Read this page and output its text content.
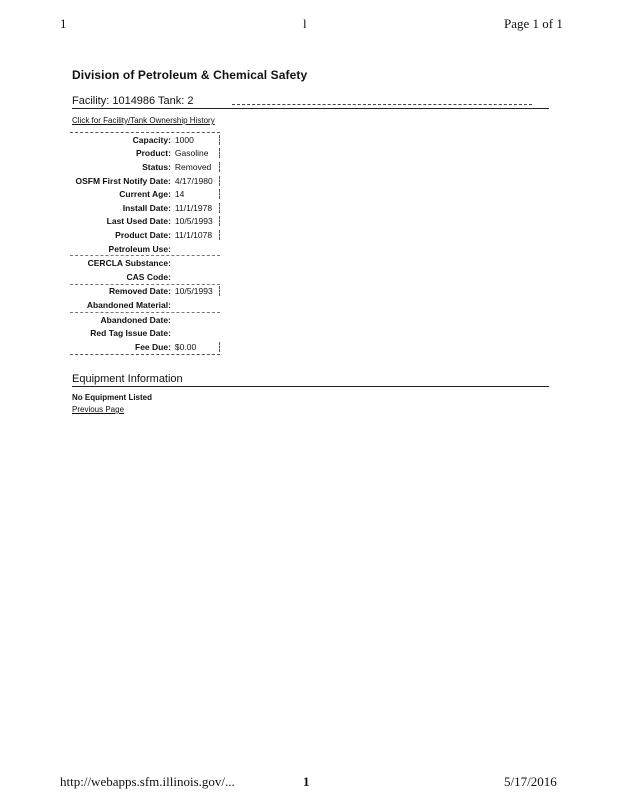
1	l	Page 1 of 1
Division of Petroleum & Chemical Safety
Facility: 1014986 Tank: 2
Click for Facility/Tank Ownership History
Capacity: 1000
Product: Gasoline
Status: Removed
OSFM First Notify Date: 4/17/1980
Current Age: 14
Install Date: 11/1/1978
Last Used Date: 10/5/1993
Product Date: 11/1/1078
Petroleum Use:
CERCLA Substance:
CAS Code:
Removed Date: 10/5/1993
Abandoned Material:
Abandoned Date:
Red Tag Issue Date:
Fee Due: $0.00
Equipment Information
No Equipment Listed
Previous Page
http://webapps.sfm.illinois.gov/...	1	5/17/2016
